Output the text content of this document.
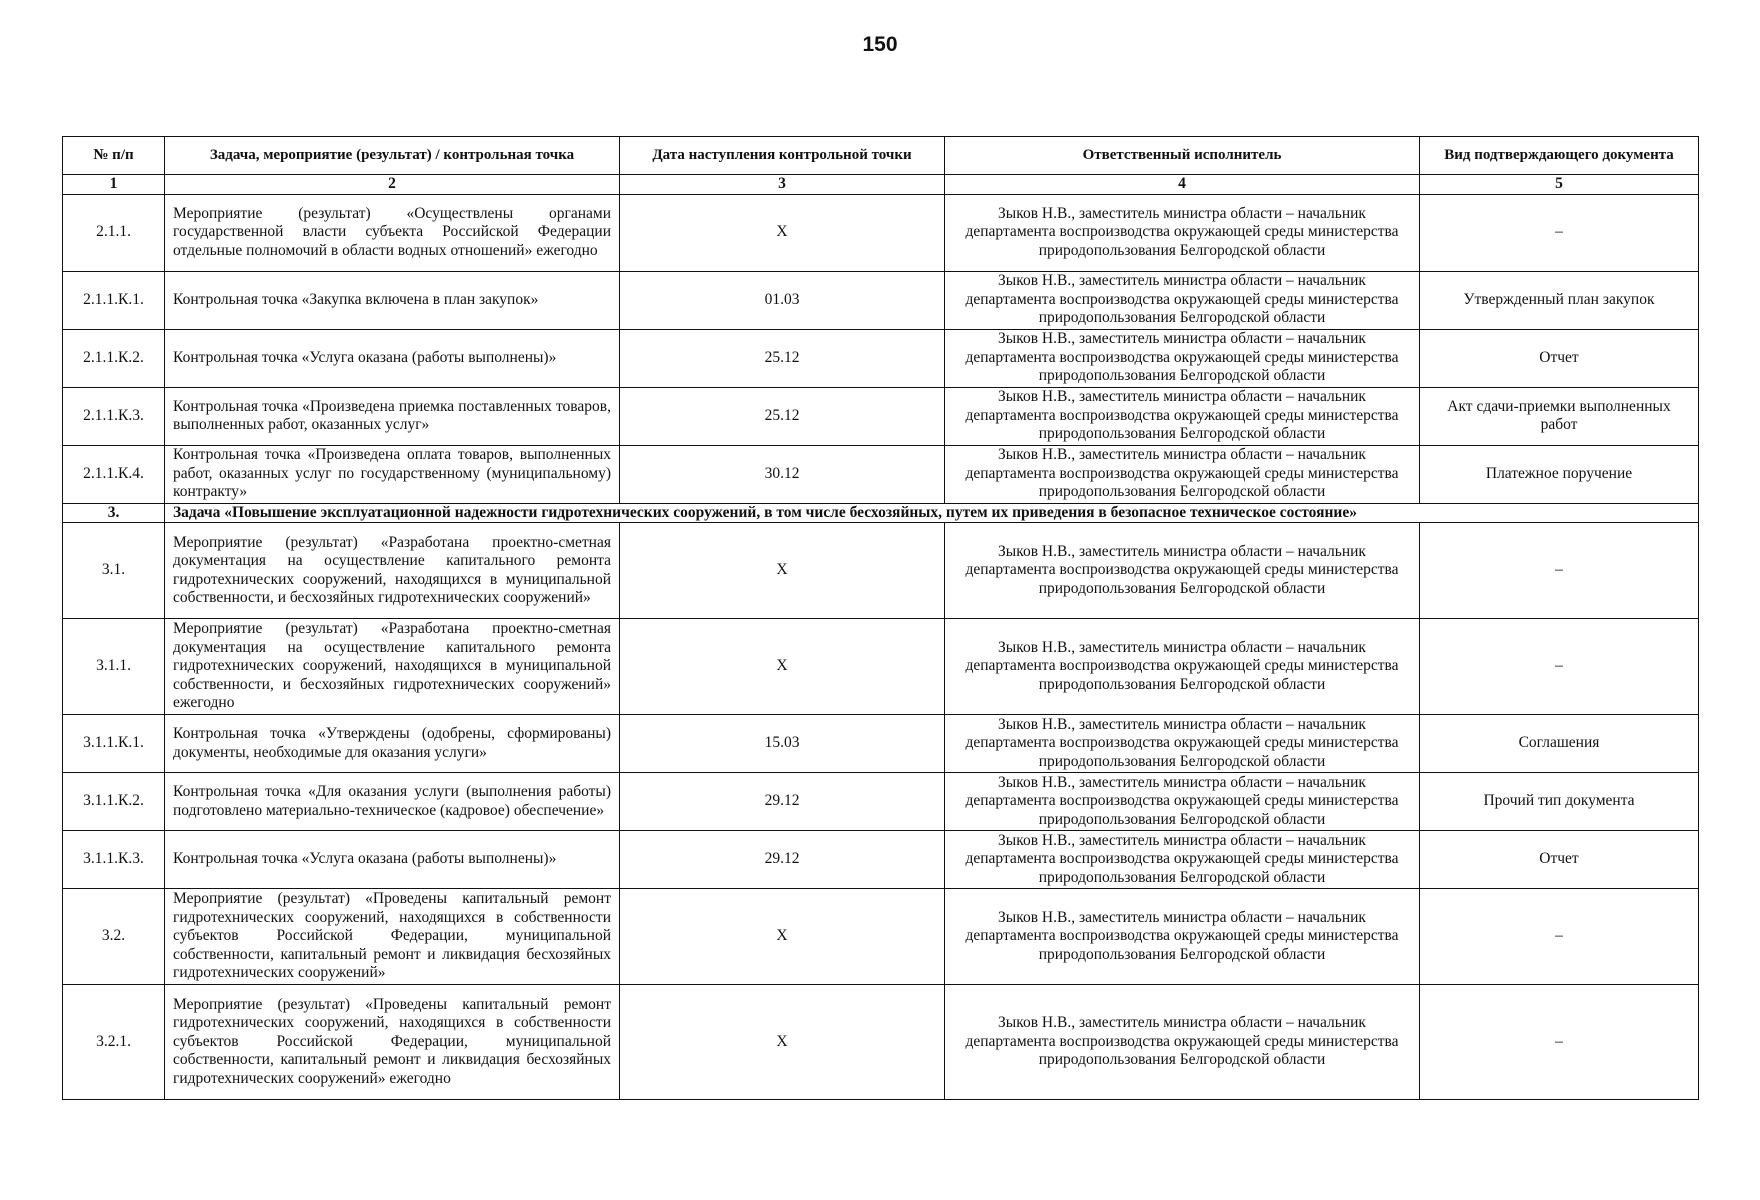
150
№ п/п	Задача, мероприятие (результат) / контрольная точка	Дата наступления контрольной точки	Ответственный исполнитель	Вид подтверждающего документа
1	2	3	4	5
2.1.1.	Мероприятие (результат) «Осуществлены органами государственной власти субъекта Российской Федерации отдельные полномочий в области водных отношений» ежегодно	X	Зыков Н.В., заместитель министра области – начальник департамента воспроизводства окружающей среды министерства природопользования Белгородской области	–
2.1.1.К.1.	Контрольная точка «Закупка включена в план закупок»	01.03	Зыков Н.В., заместитель министра области – начальник департамента воспроизводства окружающей среды министерства природопользования Белгородской области	Утвержденный план закупок
2.1.1.К.2.	Контрольная точка «Услуга оказана (работы выполнены)»	25.12	Зыков Н.В., заместитель министра области – начальник департамента воспроизводства окружающей среды министерства природопользования Белгородской области	Отчет
2.1.1.К.3.	Контрольная точка «Произведена приемка поставленных товаров, выполненных работ, оказанных услуг»	25.12	Зыков Н.В., заместитель министра области – начальник департамента воспроизводства окружающей среды министерства природопользования Белгородской области	Акт сдачи-приемки выполненных работ
2.1.1.К.4.	Контрольная точка «Произведена оплата товаров, выполненных работ, оказанных услуг по государственному (муниципальному) контракту»	30.12	Зыков Н.В., заместитель министра области – начальник департамента воспроизводства окружающей среды министерства природопользования Белгородской области	Платежное поручение
3.	Задача «Повышение эксплуатационной надежности гидротехнических сооружений, в том числе бесхозяйных, путем их приведения в безопасное техническое состояние»			
3.1.	Мероприятие (результат) «Разработана проектно-сметная документация на осуществление капитального ремонта гидротехнических сооружений, находящихся в муниципальной собственности, и бесхозяйных гидротехнических сооружений»	X	Зыков Н.В., заместитель министра области – начальник департамента воспроизводства окружающей среды министерства природопользования Белгородской области	–
3.1.1.	Мероприятие (результат) «Разработана проектно-сметная документация на осуществление капитального ремонта гидротехнических сооружений, находящихся в муниципальной собственности, и бесхозяйных гидротехнических сооружений» ежегодно	X	Зыков Н.В., заместитель министра области – начальник департамента воспроизводства окружающей среды министерства природопользования Белгородской области	–
3.1.1.К.1.	Контрольная точка «Утверждены (одобрены, сформированы) документы, необходимые для оказания услуги»	15.03	Зыков Н.В., заместитель министра области – начальник департамента воспроизводства окружающей среды министерства природопользования Белгородской области	Соглашения
3.1.1.К.2.	Контрольная точка «Для оказания услуги (выполнения работы) подготовлено материально-техническое (кадровое) обеспечение»	29.12	Зыков Н.В., заместитель министра области – начальник департамента воспроизводства окружающей среды министерства природопользования Белгородской области	Прочий тип документа
3.1.1.К.3.	Контрольная точка «Услуга оказана (работы выполнены)»	29.12	Зыков Н.В., заместитель министра области – начальник департамента воспроизводства окружающей среды министерства природопользования Белгородской области	Отчет
3.2.	Мероприятие (результат) «Проведены капитальный ремонт гидротехнических сооружений, находящихся в собственности субъектов Российской Федерации, муниципальной собственности, капитальный ремонт и ликвидация бесхозяйных гидротехнических сооружений»	X	Зыков Н.В., заместитель министра области – начальник департамента воспроизводства окружающей среды министерства природопользования Белгородской области	–
3.2.1.	Мероприятие (результат) «Проведены капитальный ремонт гидротехнических сооружений, находящихся в собственности субъектов Российской Федерации, муниципальной собственности, капитальный ремонт и ликвидация бесхозяйных гидротехнических сооружений» ежегодно	X	Зыков Н.В., заместитель министра области – начальник департамента воспроизводства окружающей среды министерства природопользования Белгородской области	–
